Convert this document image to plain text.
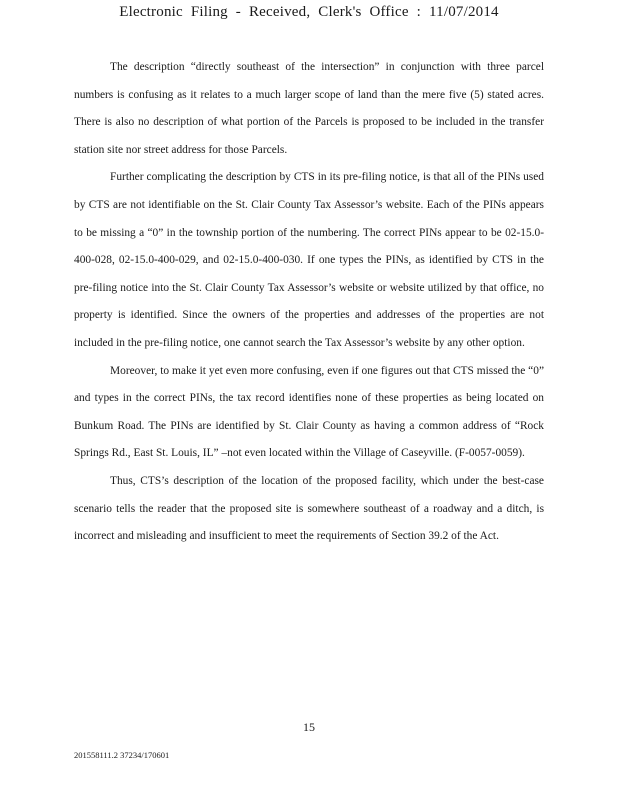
Electronic Filing - Received, Clerk's Office : 11/07/2014

The description “directly southeast of the intersection” in conjunction with three parcel numbers is confusing as it relates to a much larger scope of land than the mere five (5) stated acres. There is also no description of what portion of the Parcels is proposed to be included in the transfer station site nor street address for those Parcels.

Further complicating the description by CTS in its pre-filing notice, is that all of the PINs used by CTS are not identifiable on the St. Clair County Tax Assessor’s website. Each of the PINs appears to be missing a “0” in the township portion of the numbering. The correct PINs appear to be 02-15.0-400-028, 02-15.0-400-029, and 02-15.0-400-030. If one types the PINs, as identified by CTS in the pre-filing notice into the St. Clair County Tax Assessor’s website or website utilized by that office, no property is identified. Since the owners of the properties and addresses of the properties are not included in the pre-filing notice, one cannot search the Tax Assessor’s website by any other option.

Moreover, to make it yet even more confusing, even if one figures out that CTS missed the “0” and types in the correct PINs, the tax record identifies none of these properties as being located on Bunkum Road. The PINs are identified by St. Clair County as having a common address of “Rock Springs Rd., East St. Louis, IL” –not even located within the Village of Caseyville. (F-0057-0059).

Thus, CTS’s description of the location of the proposed facility, which under the best-case scenario tells the reader that the proposed site is somewhere southeast of a roadway and a ditch, is incorrect and misleading and insufficient to meet the requirements of Section 39.2 of the Act.

15
201558111.2 37234/170601
